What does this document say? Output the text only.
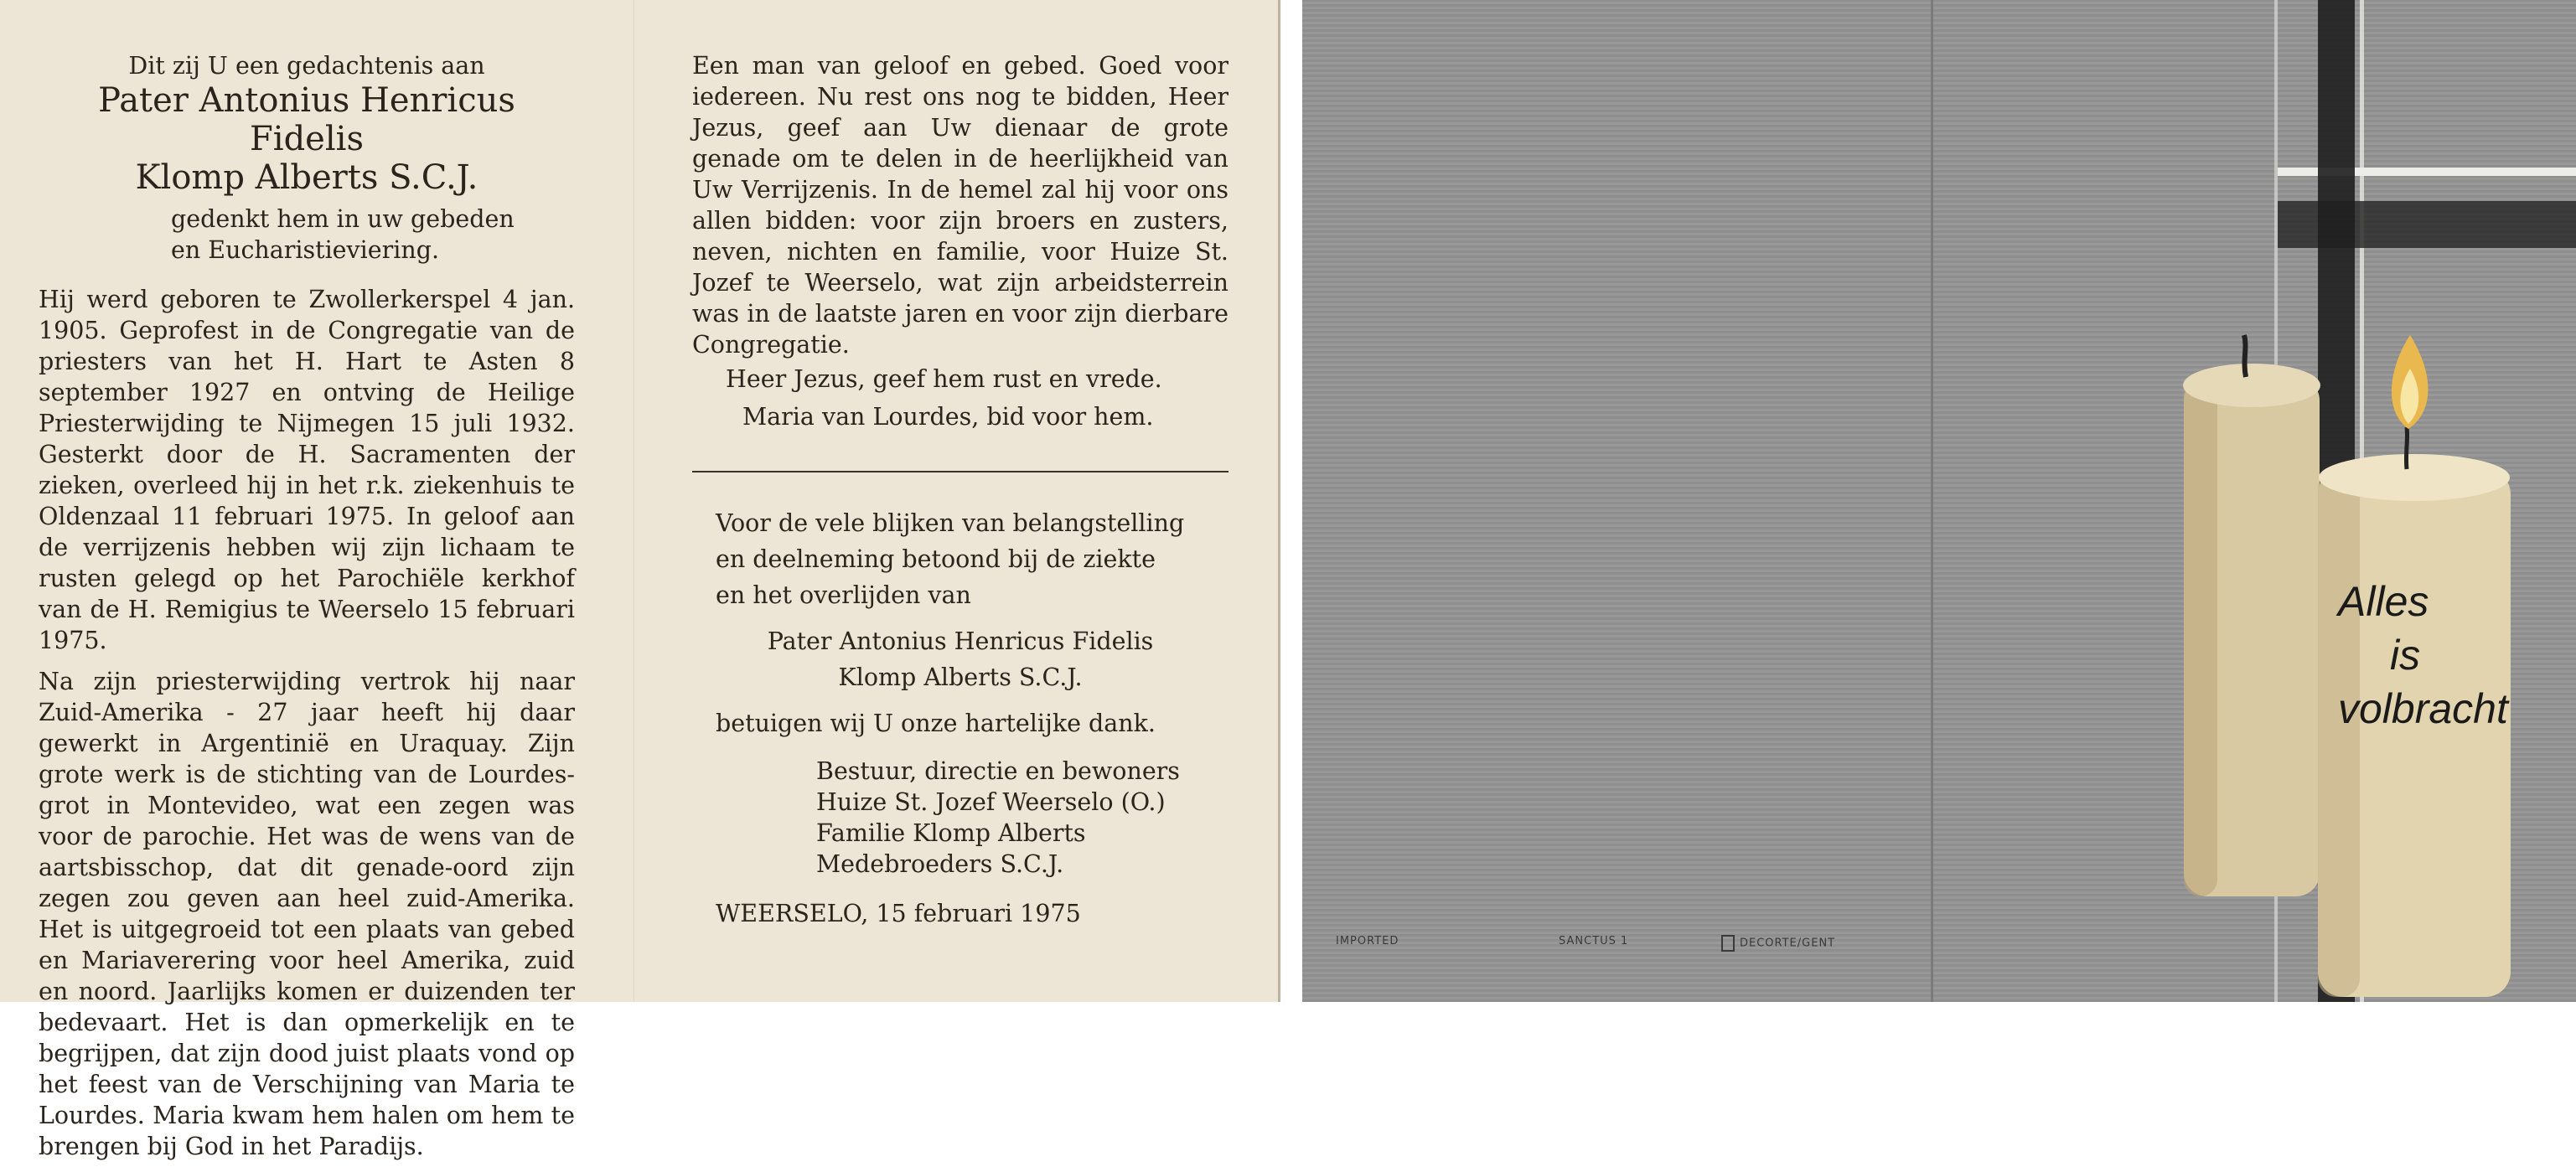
Dit zij U een gedachtenis aan
Pater Antonius Henricus Fidelis
Klomp Alberts S.C.J.
gedenkt hem in uw gebeden
en Eucharistieviering.

Hij werd geboren te Zwollerkerspel 4 jan. 1905. Geprofest in de Congregatie van de priesters van het H. Hart te Asten 8 september 1927 en ontving de Heilige Priesterwijding te Nijmegen 15 juli 1932. Gesterkt door de H. Sacramenten der zieken, overleed hij in het r.k. ziekenhuis te Oldenzaal 11 februari 1975. In geloof aan de verrijzenis hebben wij zijn lichaam te rusten gelegd op het Parochiële kerkhof van de H. Remigius te Weerselo 15 februari 1975.

Na zijn priesterwijding vertrok hij naar Zuid-Amerika - 27 jaar heeft hij daar gewerkt in Argentinië en Uraquay. Zijn grote werk is de stichting van de Lourdes-grot in Montevideo, wat een zegen was voor de parochie. Het was de wens van de aartsbisschop, dat dit genade-oord zijn zegen zou geven aan heel zuid-Amerika. Het is uitgegroeid tot een plaats van gebed en Mariaverering voor heel Amerika, zuid en noord. Jaarlijks komen er duizenden ter bedevaart. Het is dan opmerkelijk en te begrijpen, dat zijn dood juist plaats vond op het feest van de Verschijning van Maria te Lourdes. Maria kwam hem halen om hem te brengen bij God in het Paradijs.

Een man van geloof en gebed. Goed voor iedereen. Nu rest ons nog te bidden, Heer Jezus, geef aan Uw dienaar de grote genade om te delen in de heerlijkheid van Uw Verrijzenis. In de hemel zal hij voor ons allen bidden: voor zijn broers en zusters, neven, nichten en familie, voor Huize St. Jozef te Weerselo, wat zijn arbeidsterrein was in de laatste jaren en voor zijn dierbare Congregatie.

Heer Jezus, geef hem rust en vrede.
Maria van Lourdes, bid voor hem.
Voor de vele blijken van belangstelling
en deelneming betoond bij de ziekte
en het overlijden van
Pater Antonius Henricus Fidelis
Klomp Alberts S.C.J.
betuigen wij U onze hartelijke dank.
Bestuur, directie en bewoners
Huize St. Jozef Weerselo (O.)
Familie Klomp Alberts
Medebroeders S.C.J.
WEERSELO, 15 februari 1975
Alles
is
volbracht
IMPORTED	SANCTUS 1	DECORTE/GENT
